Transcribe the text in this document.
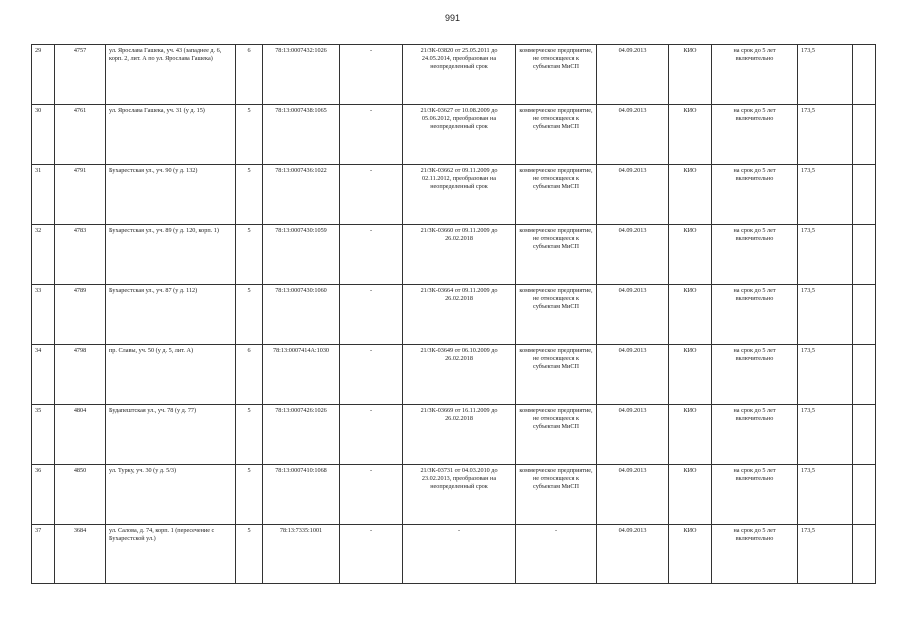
991
29	4757	ул. Ярослава Гашека, уч. 43 (западнее д. 6, корп. 2, лит. А по ул. Ярослава Гашека)	6	78:13:0007432:1026	-	21/ЗК-03820 от 25.05.2011 до 24.05.2014, преобразован на неопределенный срок	коммерческое предприятие, не относящееся к субъектам МиСП	04.09.2013	КИО	на срок до 5 лет включительно	173,5	
30	4761	ул. Ярослава Гашека, уч. 31 (у д. 15)	5	78:13:0007438:1065	-	21/ЗК-03627 от 10.08.2009 до 05.06.2012, преобразован на неопределенный срок	коммерческое предприятие, не относящееся к субъектам МиСП	04.09.2013	КИО	на срок до 5 лет включительно	173,5	
31	4791	Бухарестская ул., уч. 90 (у д. 132)	5	78:13:0007436:1022	-	21/ЗК-03662 от 09.11.2009 до 02.11.2012, преобразован на неопределенный срок	коммерческое предприятие, не относящееся к субъектам МиСП	04.09.2013	КИО	на срок до 5 лет включительно	173,5	
32	4783	Бухарестская ул., уч. 89 (у д. 120, корп. 1)	5	78:13:0007430:1059	-	21/ЗК-03660 от 09.11.2009 до 26.02.2018	коммерческое предприятие, не относящееся к субъектам МиСП	04.09.2013	КИО	на срок до 5 лет включительно	173,5	
33	4789	Бухарестская ул., уч. 87 (у д. 112)	5	78:13:0007430:1060	-	21/ЗК-03664 от 09.11.2009 до 26.02.2018	коммерческое предприятие, не относящееся к субъектам МиСП	04.09.2013	КИО	на срок до 5 лет включительно	173,5	
34	4798	пр. Славы, уч. 50 (у д. 5, лит. А)	6	78:13:0007414А:1030	-	21/ЗК-03649 от 06.10.2009 до 26.02.2018	коммерческое предприятие, не относящееся к субъектам МиСП	04.09.2013	КИО	на срок до 5 лет включительно	173,5	
35	4804	Будапештская ул., уч. 78 (у д. 77)	5	78:13:0007426:1026	-	21/ЗК-03669 от 16.11.2009 до 26.02.2018	коммерческое предприятие, не относящееся к субъектам МиСП	04.09.2013	КИО	на срок до 5 лет включительно	173,5	
36	4850	ул. Турку, уч. 30 (у д. 5/3)	5	78:13:0007410:1068	-	21/ЗК-03731 от 04.03.2010 до 23.02.2013, преобразован на неопределенный срок	коммерческое предприятие, не относящееся к субъектам МиСП	04.09.2013	КИО	на срок до 5 лет включительно	173,5	
37	3684	ул. Салова, д. 74, корп. 1 (пересечение с Бухарестской ул.)	5	78:13:7335:1001	-	-	-	04.09.2013	КИО	на срок до 5 лет включительно	173,5	
